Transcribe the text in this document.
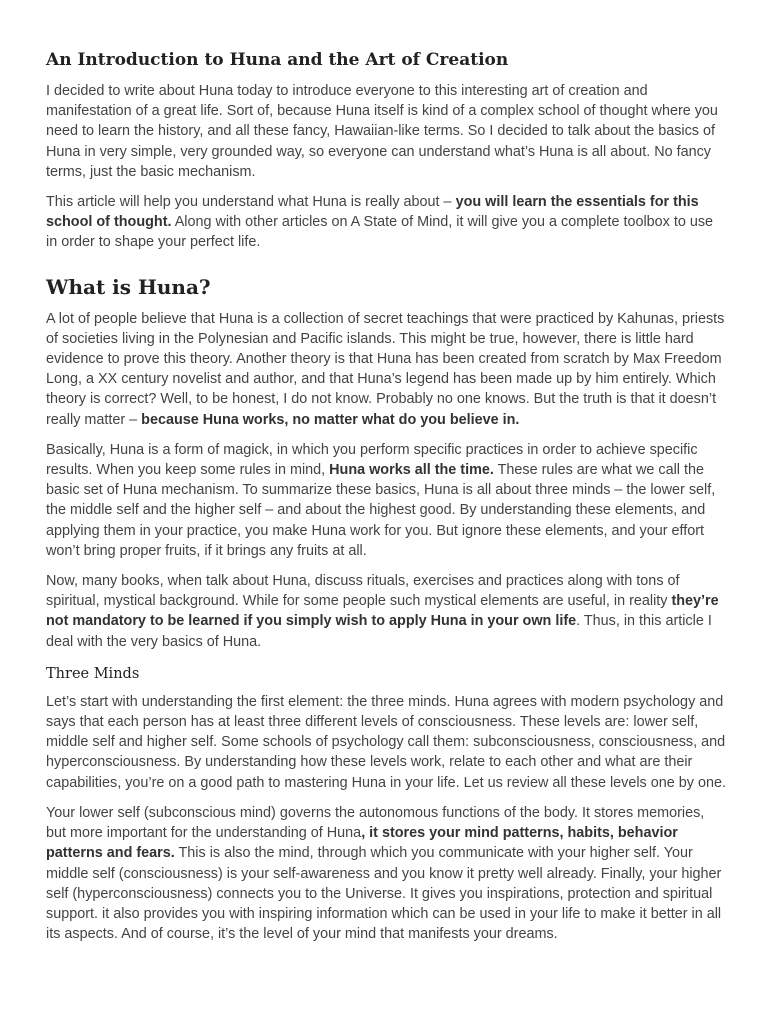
An Introduction to Huna and the Art of Creation

I decided to write about Huna today to introduce everyone to this interesting art of creation and manifestation of a great life. Sort of, because Huna itself is kind of a complex school of thought where you need to learn the history, and all these fancy, Hawaiian-like terms. So I decided to talk about the basics of Huna in very simple, very grounded way, so everyone can understand what’s Huna is all about. No fancy terms, just the basic mechanism.

This article will help you understand what Huna is really about – you will learn the essentials for this school of thought. Along with other articles on A State of Mind, it will give you a complete toolbox to use in order to shape your perfect life.

What is Huna?

A lot of people believe that Huna is a collection of secret teachings that were practiced by Kahunas, priests of societies living in the Polynesian and Pacific islands. This might be true, however, there is little hard evidence to prove this theory. Another theory is that Huna has been created from scratch by Max Freedom Long, a XX century novelist and author, and that Huna’s legend has been made up by him entirely. Which theory is correct? Well, to be honest, I do not know. Probably no one knows. But the truth is that it doesn’t really matter – because Huna works, no matter what do you believe in.

Basically, Huna is a form of magick, in which you perform specific practices in order to achieve specific results. When you keep some rules in mind, Huna works all the time. These rules are what we call the basic set of Huna mechanism. To summarize these basics, Huna is all about three minds – the lower self, the middle self and the higher self – and about the highest good. By understanding these elements, and applying them in your practice, you make Huna work for you. But ignore these elements, and your effort won’t bring proper fruits, if it brings any fruits at all.

Now, many books, when talk about Huna, discuss rituals, exercises and practices along with tons of spiritual, mystical background. While for some people such mystical elements are useful, in reality they’re not mandatory to be learned if you simply wish to apply Huna in your own life. Thus, in this article I deal with the very basics of Huna.

Three Minds

Let’s start with understanding the first element: the three minds. Huna agrees with modern psychology and says that each person has at least three different levels of consciousness. These levels are: lower self, middle self and higher self. Some schools of psychology call them: subconsciousness, consciousness, and hyperconsciousness. By understanding how these levels work, relate to each other and what are their capabilities, you’re on a good path to mastering Huna in your life. Let us review all these levels one by one.

Your lower self (subconscious mind) governs the autonomous functions of the body. It stores memories, but more important for the understanding of Huna, it stores your mind patterns, habits, behavior patterns and fears. This is also the mind, through which you communicate with your higher self. Your middle self (consciousness) is your self-awareness and you know it pretty well already. Finally, your higher self (hyperconsciousness) connects you to the Universe. It gives you inspirations, protection and spiritual support. it also provides you with inspiring information which can be used in your life to make it better in all its aspects. And of course, it’s the level of your mind that manifests your dreams.
